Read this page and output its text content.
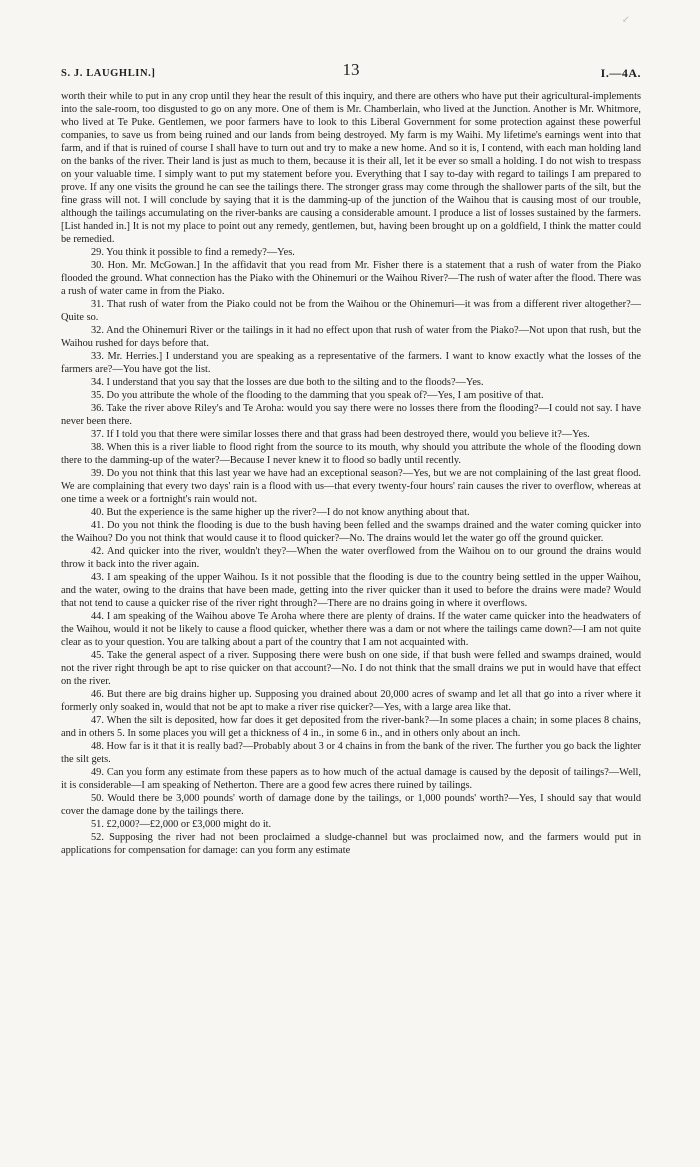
↙
S. J. LAUGHLIN.]	13	I.—4A.

worth their while to put in any crop until they hear the result of this inquiry, and there are others who have put their agricultural-implements into the sale-room, too disgusted to go on any more. One of them is Mr. Chamberlain, who lived at the Junction. Another is Mr. Whitmore, who lived at Te Puke. Gentlemen, we poor farmers have to look to this Liberal Government for some protection against these powerful companies, to save us from being ruined and our lands from being destroyed. My farm is my Waihi. My lifetime's earnings went into that farm, and if that is ruined of course I shall have to turn out and try to make a new home. And so it is, I contend, with each man holding land on the banks of the river. Their land is just as much to them, because it is their all, let it be ever so small a holding. I do not wish to trespass on your valuable time. I simply want to put my statement before you. Everything that I say to-day with regard to tailings I am prepared to prove. If any one visits the ground he can see the tailings there. The stronger grass may come through the shallower parts of the silt, but the fine grass will not. I will conclude by saying that it is the damming-up of the junction of the Waihou that is causing most of our trouble, although the tailings accumulating on the river-banks are causing a considerable amount. I produce a list of losses sustained by the farmers. [List handed in.] It is not my place to point out any remedy, gentlemen, but, having been brought up on a goldfield, I think the matter could be remedied.

29. You think it possible to find a remedy?—Yes.

30. Hon. Mr. McGowan.] In the affidavit that you read from Mr. Fisher there is a statement that a rush of water from the Piako flooded the ground. What connection has the Piako with the Ohinemuri or the Waihou River?—The rush of water after the flood. There was a rush of water came in from the Piako.

31. That rush of water from the Piako could not be from the Waihou or the Ohinemuri—it was from a different river altogether?—Quite so.

32. And the Ohinemuri River or the tailings in it had no effect upon that rush of water from the Piako?—Not upon that rush, but the Waihou rushed for days before that.

33. Mr. Herries.] I understand you are speaking as a representative of the farmers. I want to know exactly what the losses of the farmers are?—You have got the list.

34. I understand that you say that the losses are due both to the silting and to the floods?—Yes.

35. Do you attribute the whole of the flooding to the damming that you speak of?—Yes, I am positive of that.

36. Take the river above Riley's and Te Aroha: would you say there were no losses there from the flooding?—I could not say. I have never been there.

37. If I told you that there were similar losses there and that grass had been destroyed there, would you believe it?—Yes.

38. When this is a river liable to flood right from the source to its mouth, why should you attribute the whole of the flooding down there to the damming-up of the water?—Because I never knew it to flood so badly until recently.

39. Do you not think that this last year we have had an exceptional season?—Yes, but we are not complaining of the last great flood. We are complaining that every two days' rain is a flood with us—that every twenty-four hours' rain causes the river to overflow, whereas at one time a week or a fortnight's rain would not.

40. But the experience is the same higher up the river?—I do not know anything about that.

41. Do you not think the flooding is due to the bush having been felled and the swamps drained and the water coming quicker into the Waihou? Do you not think that would cause it to flood quicker?—No. The drains would let the water go off the ground quicker.

42. And quicker into the river, wouldn't they?—When the water overflowed from the Waihou on to our ground the drains would throw it back into the river again.

43. I am speaking of the upper Waihou. Is it not possible that the flooding is due to the country being settled in the upper Waihou, and the water, owing to the drains that have been made, getting into the river quicker than it used to before the drains were made? Would that not tend to cause a quicker rise of the river right through?—There are no drains going in where it overflows.

44. I am speaking of the Waihou above Te Aroha where there are plenty of drains. If the water came quicker into the headwaters of the Waihou, would it not be likely to cause a flood quicker, whether there was a dam or not where the tailings came down?—I am not quite clear as to your question. You are talking about a part of the country that I am not acquainted with.

45. Take the general aspect of a river. Supposing there were bush on one side, if that bush were felled and swamps drained, would not the river right through be apt to rise quicker on that account?—No. I do not think that the small drains we put in would have that effect on the river.

46. But there are big drains higher up. Supposing you drained about 20,000 acres of swamp and let all that go into a river where it formerly only soaked in, would that not be apt to make a river rise quicker?—Yes, with a large area like that.

47. When the silt is deposited, how far does it get deposited from the river-bank?—In some places a chain; in some places 8 chains, and in others 5. In some places you will get a thickness of 4 in., in some 6 in., and in others only about an inch.

48. How far is it that it is really bad?—Probably about 3 or 4 chains in from the bank of the river. The further you go back the lighter the silt gets.

49. Can you form any estimate from these papers as to how much of the actual damage is caused by the deposit of tailings?—Well, it is considerable—I am speaking of Netherton. There are a good few acres there ruined by tailings.

50. Would there be 3,000 pounds' worth of damage done by the tailings, or 1,000 pounds' worth?—Yes, I should say that would cover the damage done by the tailings there.

51. £2,000?—£2,000 or £3,000 might do it.

52. Supposing the river had not been proclaimed a sludge-channel but was proclaimed now, and the farmers would put in applications for compensation for damage: can you form any estimate
